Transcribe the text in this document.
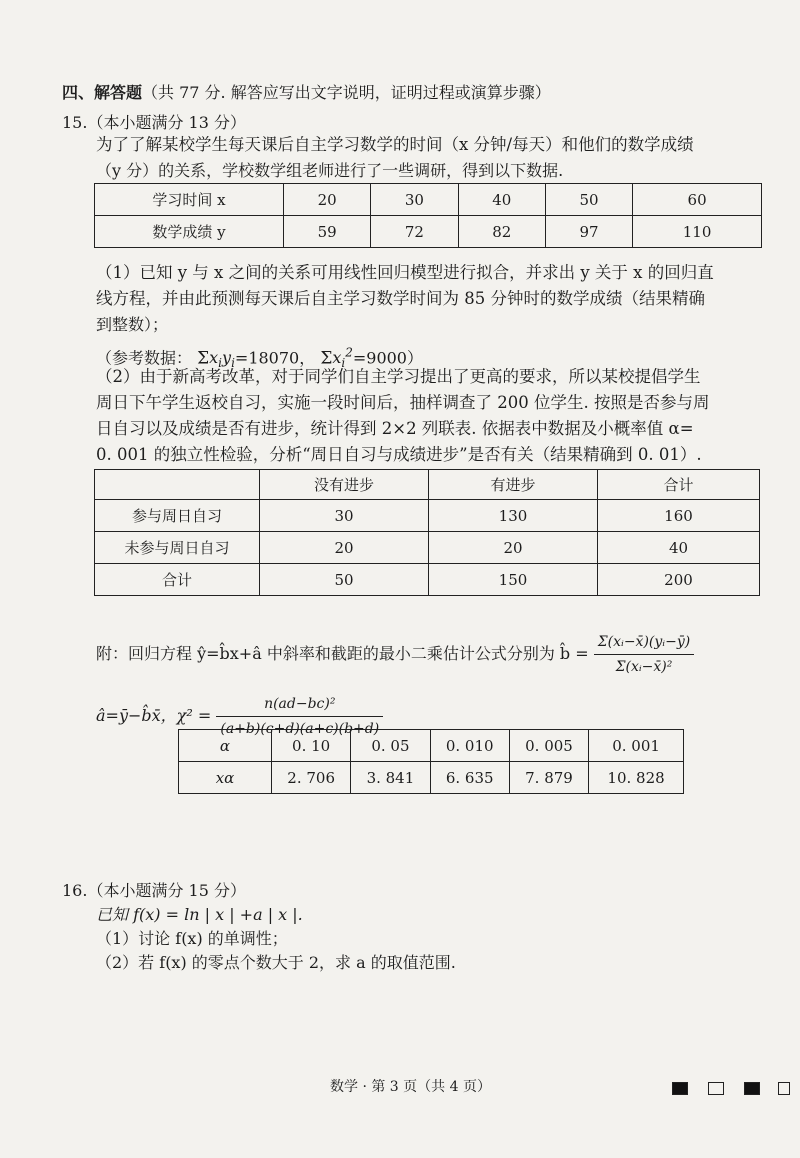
四、解答题（共 77 分. 解答应写出文字说明，证明过程或演算步骤）
15.（本小题满分 13 分）
为了了解某校学生每天课后自主学习数学的时间（x 分钟/每天）和他们的数学成绩
（y 分）的关系，学校数学组老师进行了一些调研，得到以下数据.
学习时间 x	20	30	40	50	60
数学成绩 y	59	72	82	97	110
（1）已知 y 与 x 之间的关系可用线性回归模型进行拟合，并求出 y 关于 x 的回归直
线方程，并由此预测每天课后自主学习数学时间为 85 分钟时的数学成绩（结果精确
到整数）；
（参考数据： $\Sigma x_iy_i=18070$， $\Sigma x_i^2=9000$）
（2）由于新高考改革，对于同学们自主学习提出了更高的要求，所以某校提倡学生
周日下午学生返校自习，实施一段时间后，抽样调查了 200 位学生. 按照是否参与周
日自习以及成绩是否有进步，统计得到 2×2 列联表. 依据表中数据及小概率值 α=
0. 001 的独立性检验，分析“周日自习与成绩进步”是否有关（结果精确到 0. 01）.
	没有进步	有进步	合计
参与周日自习	30	130	160
未参与周日自习	20	20	40
合计	50	150	200
附：回归方程 ŷ=b̂x+â 中斜率和截距的最小二乘估计公式分别为 b̂ = $\frac{\text{Σ(xᵢ−x̄)(yᵢ−ȳ)}}{\text{Σ(xᵢ−x̄)²}}$
â=ȳ−b̂x̄，$\chi^2 = \frac{\text{n(ad−bc)²}}{(a+b)(c+d)(a+c)(b+d)}$
α	0. 10	0. 05	0. 010	0. 005	0. 001
xα	2. 706	3. 841	6. 635	7. 879	10. 828
16.（本小题满分 15 分）
已知 f(x) = ln | x | +a | x |.
（1）讨论 f(x) 的单调性；
（2）若 f(x) 的零点个数大于 2，求 a 的取值范围.
数学 · 第 3 页（共 4 页）
